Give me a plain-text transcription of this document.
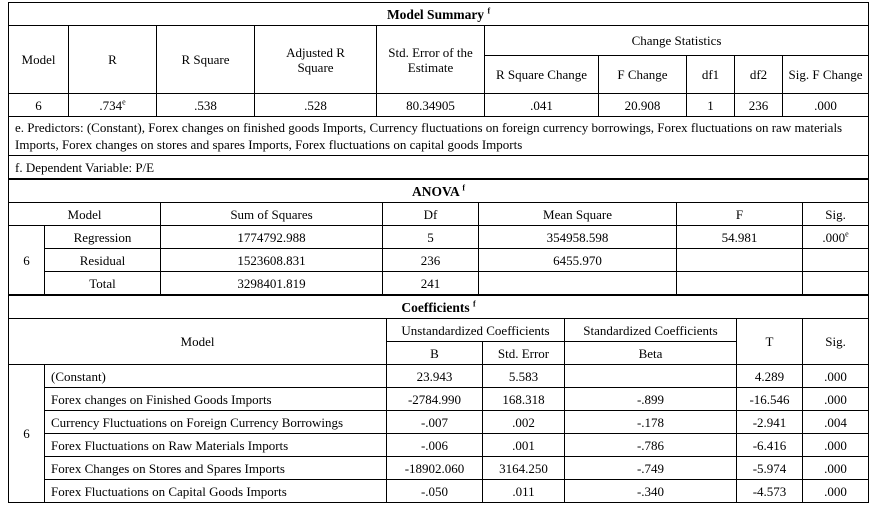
Model Summary $^f$
Model	R	R Square	Adjusted R Square	Std. Error of the Estimate	Change Statistics				
					R Square Change	F Change	df1	df2	Sig. F Change
6	.734e	.538	.528	80.34905	.041	20.908	1	236	.000
e. Predictors: (Constant), Forex changes on finished goods Imports, Currency fluctuations on foreign currency borrowings, Forex fluctuations on raw materials Imports, Forex changes on stores and spares Imports, Forex fluctuations on capital goods Imports									
f. Dependent Variable: P/E									
ANOVA $^f$
Model		Sum of Squares	Df	Mean Square	F	Sig.
6	Regression	1774792.988	5	354958.598	54.981	.000e
	Residual	1523608.831	236	6455.970		
	Total	3298401.819	241			
Coefficients $^f$
Model		Unstandardized Coefficients		Standardized Coefficients	T	Sig.
		B	Std. Error	Beta		
6	(Constant)	23.943	5.583		4.289	.000
	Forex changes on Finished Goods Imports	-2784.990	168.318	-.899	-16.546	.000
	Currency Fluctuations on Foreign Currency Borrowings	-.007	.002	-.178	-2.941	.004
	Forex Fluctuations on Raw Materials Imports	-.006	.001	-.786	-6.416	.000
	Forex Changes on Stores and Spares Imports	-18902.060	3164.250	-.749	-5.974	.000
	Forex Fluctuations on Capital Goods Imports	-.050	.011	-.340	-4.573	.000
